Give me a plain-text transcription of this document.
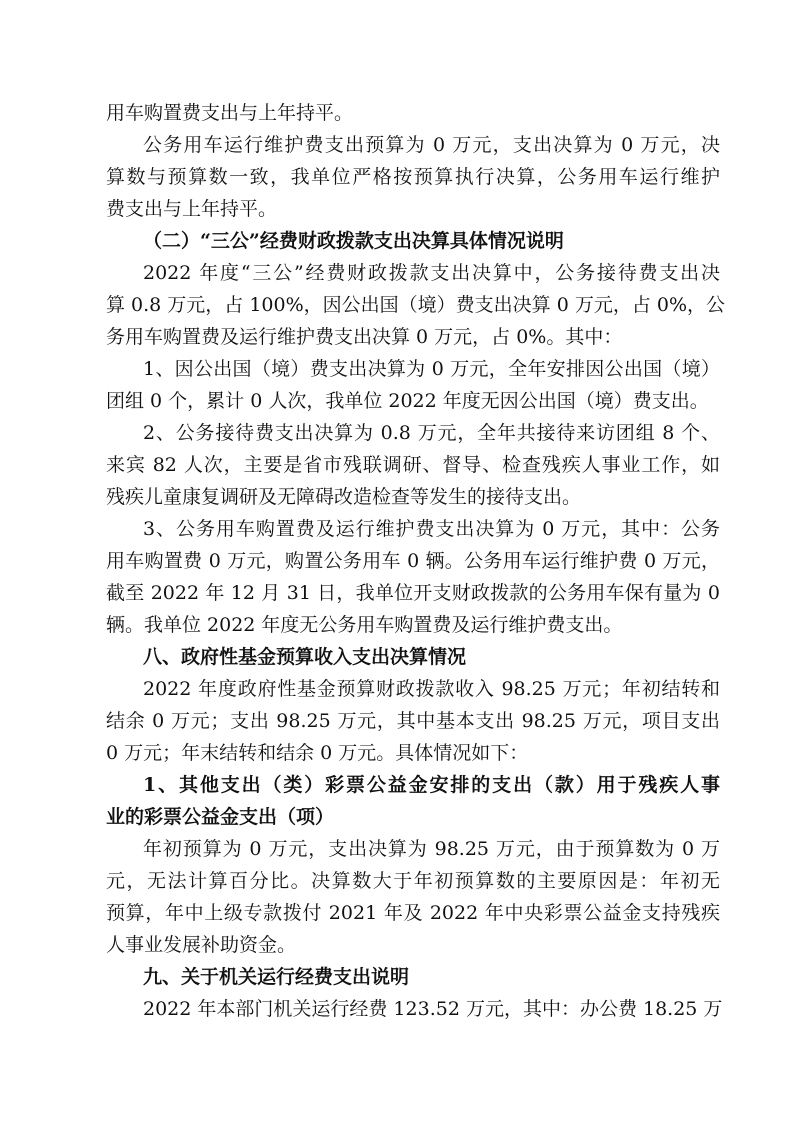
用车购置费支出与上年持平。
公务用车运行维护费支出预算为 0 万元，支出决算为 0 万元，决
算数与预算数一致，我单位严格按预算执行决算，公务用车运行维护
费支出与上年持平。
（二）“三公”经费财政拨款支出决算具体情况说明
2022 年度“三公”经费财政拨款支出决算中，公务接待费支出决
算 0.8 万元，占 100%，因公出国（境）费支出决算 0 万元，占 0%，公
务用车购置费及运行维护费支出决算 0 万元，占 0%。其中：
1、因公出国（境）费支出决算为 0 万元，全年安排因公出国（境）
团组 0 个，累计 0 人次，我单位 2022 年度无因公出国（境）费支出。
2、公务接待费支出决算为 0.8 万元，全年共接待来访团组 8 个、
来宾 82 人次，主要是省市残联调研、督导、检查残疾人事业工作，如
残疾儿童康复调研及无障碍改造检查等发生的接待支出。
3、公务用车购置费及运行维护费支出决算为 0 万元，其中：公务
用车购置费 0 万元，购置公务用车 0 辆。公务用车运行维护费 0 万元，
截至 2022 年 12 月 31 日，我单位开支财政拨款的公务用车保有量为 0
辆。我单位 2022 年度无公务用车购置费及运行维护费支出。
八、政府性基金预算收入支出决算情况
2022 年度政府性基金预算财政拨款收入 98.25 万元；年初结转和
结余 0 万元；支出 98.25 万元，其中基本支出 98.25 万元，项目支出
0 万元；年末结转和结余 0 万元。具体情况如下：
1、其他支出（类）彩票公益金安排的支出（款）用于残疾人事
业的彩票公益金支出（项）
年初预算为 0 万元，支出决算为 98.25 万元，由于预算数为 0 万
元，无法计算百分比。决算数大于年初预算数的主要原因是：年初无
预算，年中上级专款拨付 2021 年及 2022 年中央彩票公益金支持残疾
人事业发展补助资金。
九、关于机关运行经费支出说明
2022 年本部门机关运行经费 123.52 万元，其中：办公费 18.25 万
